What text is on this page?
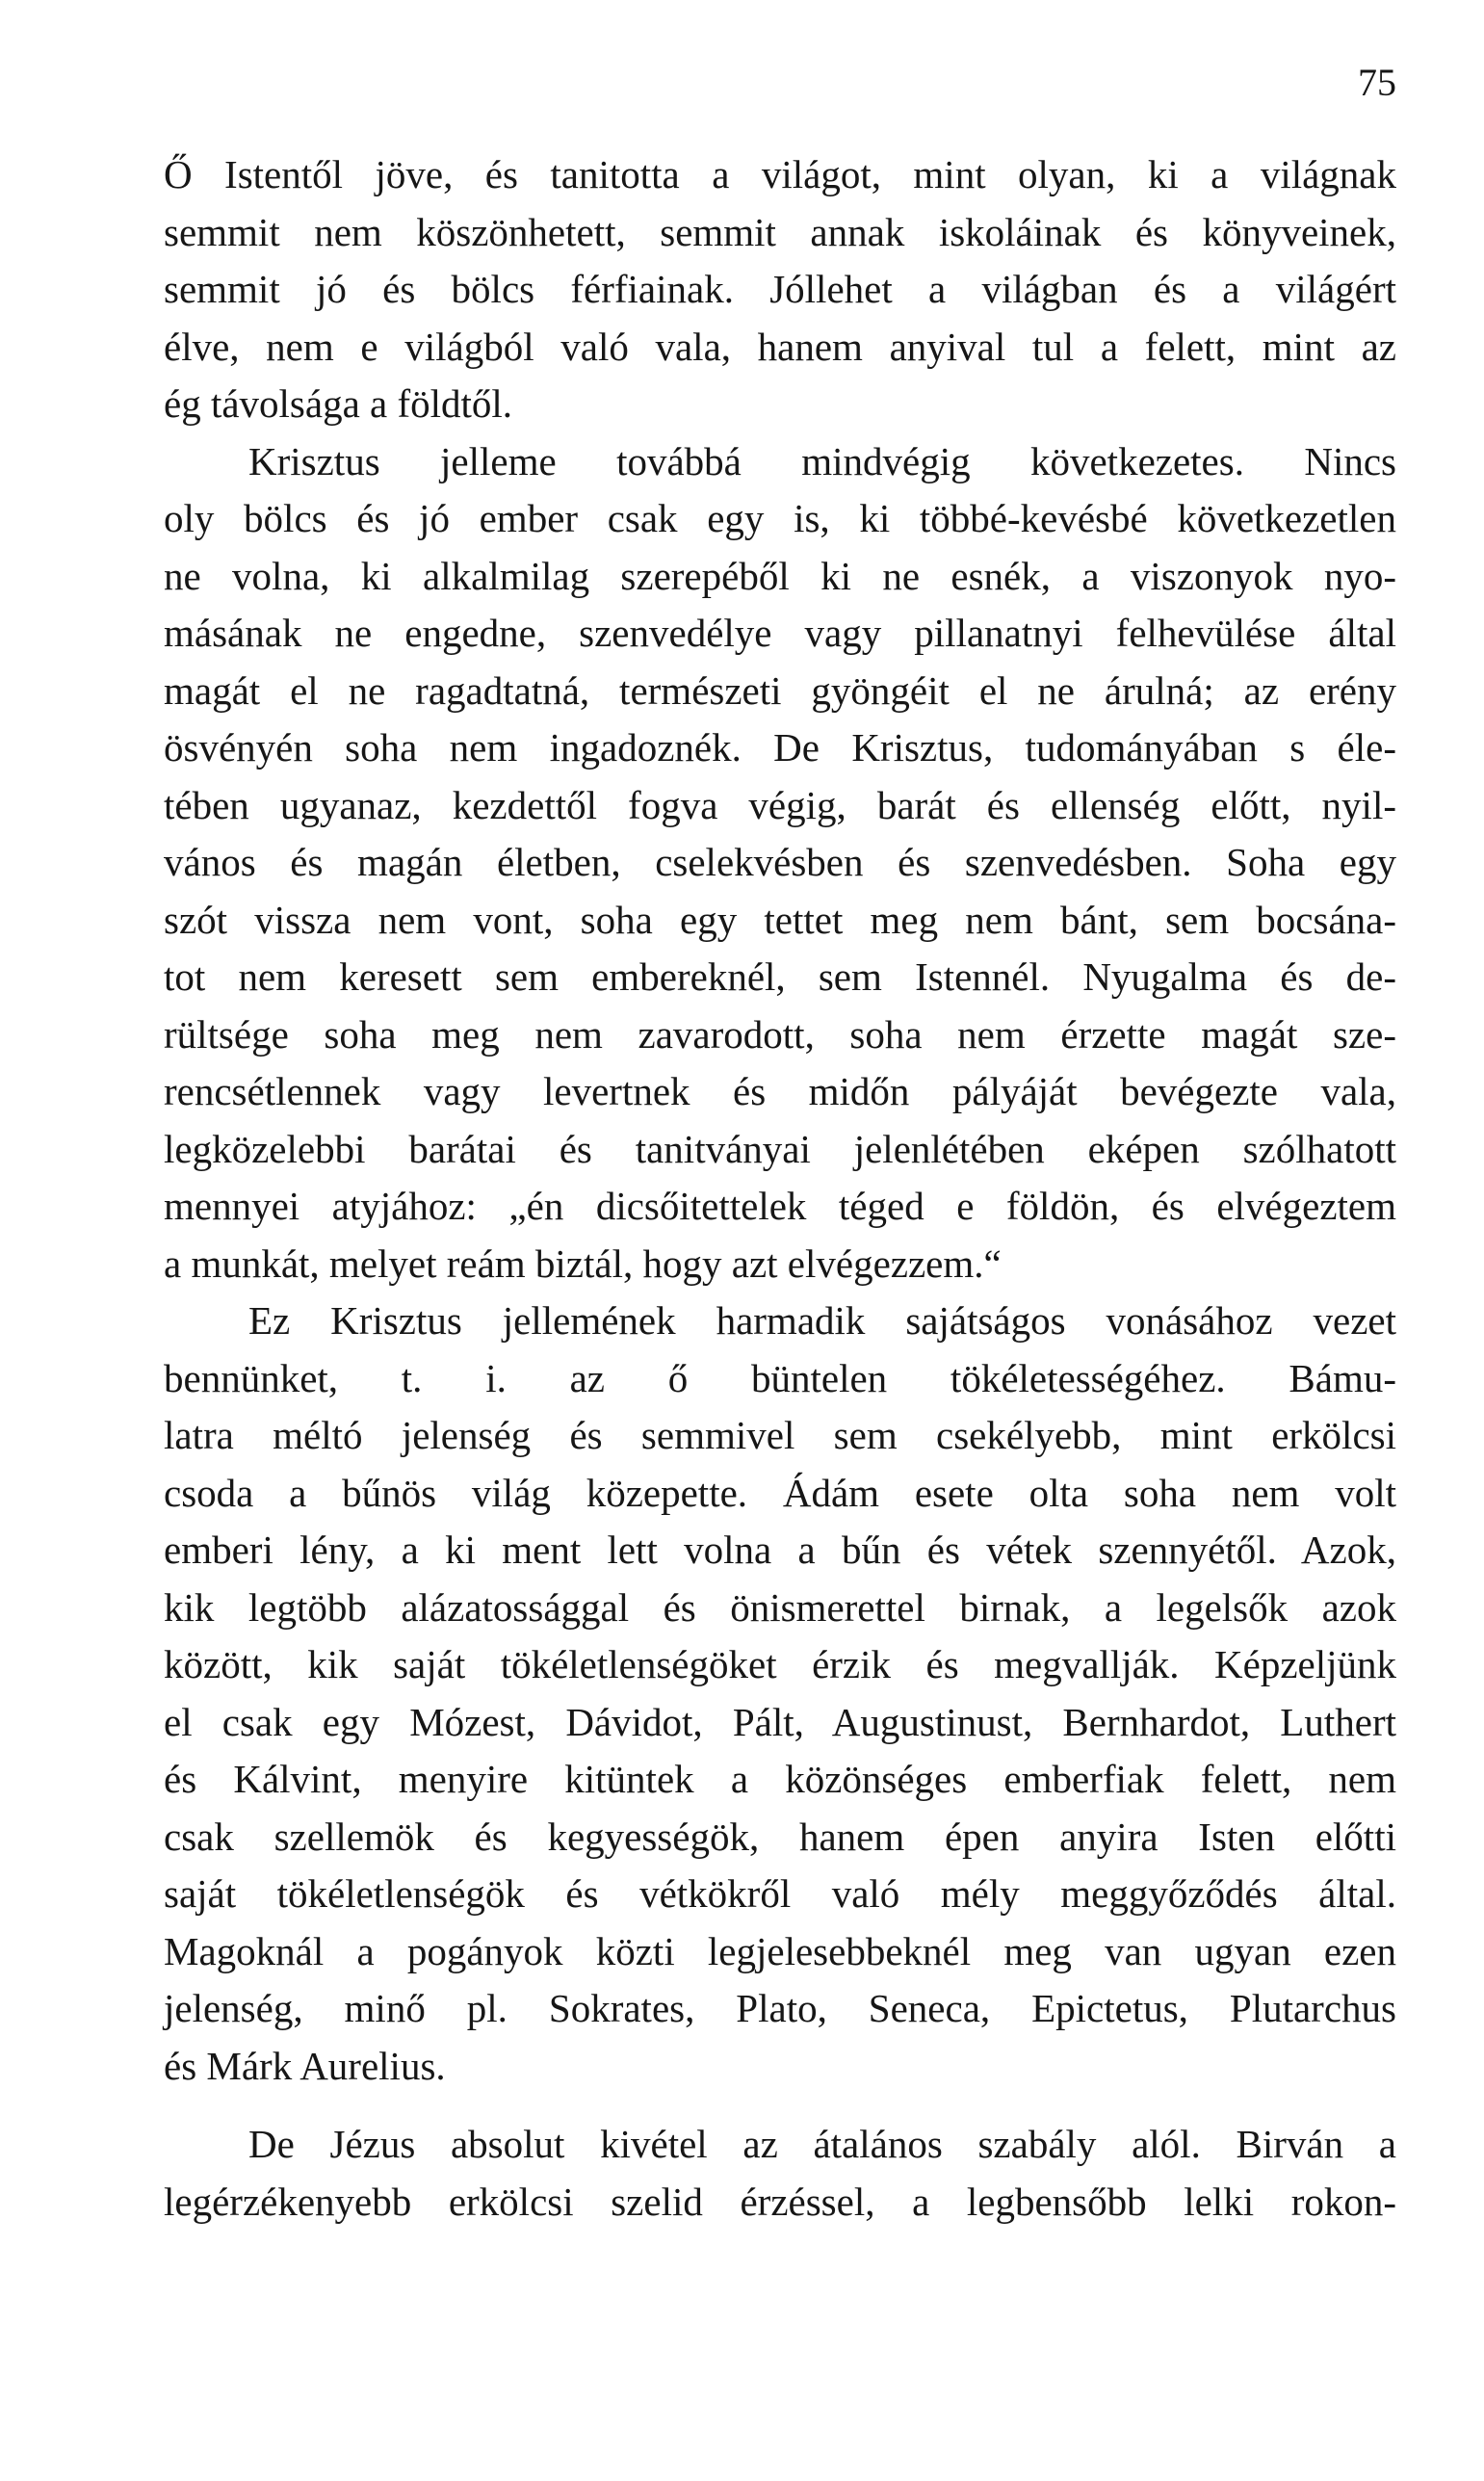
75
Ő Istentől jöve, és tanitotta a világot, mint olyan, ki a világnak
semmit nem köszönhetett, semmit annak iskoláinak és könyveinek,
semmit jó és bölcs férfiainak. Jóllehet a világban és a világért
élve, nem e világból való vala, hanem anyival tul a felett, mint az
ég távolsága a földtől.
Krisztus jelleme továbbá mindvégig következetes. Nincs
oly bölcs és jó ember csak egy is, ki többé-kevésbé következetlen
ne volna, ki alkalmilag szerepéből ki ne esnék, a viszonyok nyo-
másának ne engedne, szenvedélye vagy pillanatnyi felhevülése által
magát el ne ragadtatná, természeti gyöngéit el ne árulná; az erény
ösvényén soha nem ingadoznék. De Krisztus, tudományában s éle-
tében ugyanaz, kezdettől fogva végig, barát és ellenség előtt, nyil-
vános és magán életben, cselekvésben és szenvedésben. Soha egy
szót vissza nem vont, soha egy tettet meg nem bánt, sem bocsána-
tot nem keresett sem embereknél, sem Istennél. Nyugalma és de-
rültsége soha meg nem zavarodott, soha nem érzette magát sze-
rencsétlennek vagy levertnek és midőn pályáját bevégezte vala,
legközelebbi barátai és tanitványai jelenlétében eképen szólhatott
mennyei atyjához: „én dicsőitettelek téged e földön, és elvégeztem
a munkát, melyet reám biztál, hogy azt elvégezzem.“
Ez Krisztus jellemének harmadik sajátságos vonásához vezet
bennünket, t. i. az ő büntelen tökéletességéhez. Bámu-
latra méltó jelenség és semmivel sem csekélyebb, mint erkölcsi
csoda a bűnös világ közepette. Ádám esete olta soha nem volt
emberi lény, a ki ment lett volna a bűn és vétek szennyétől. Azok,
kik legtöbb alázatossággal és önismerettel birnak, a legelsők azok
között, kik saját tökéletlenségöket érzik és megvallják. Képzeljünk
el csak egy Mózest, Dávidot, Pált, Augustinust, Bernhardot, Luthert
és Kálvint, menyire kitüntek a közönséges emberfiak felett, nem
csak szellemök és kegyességök, hanem épen anyira Isten előtti
saját tökéletlenségök és vétkökről való mély meggyőződés által.
Magoknál a pogányok közti legjelesebbeknél meg van ugyan ezen
jelenség, minő pl. Sokrates, Plato, Seneca, Epictetus, Plutarchus
és Márk Aurelius.
De Jézus absolut kivétel az átalános szabály alól. Birván a
legérzékenyebb erkölcsi szelid érzéssel, a legbensőbb lelki rokon-
